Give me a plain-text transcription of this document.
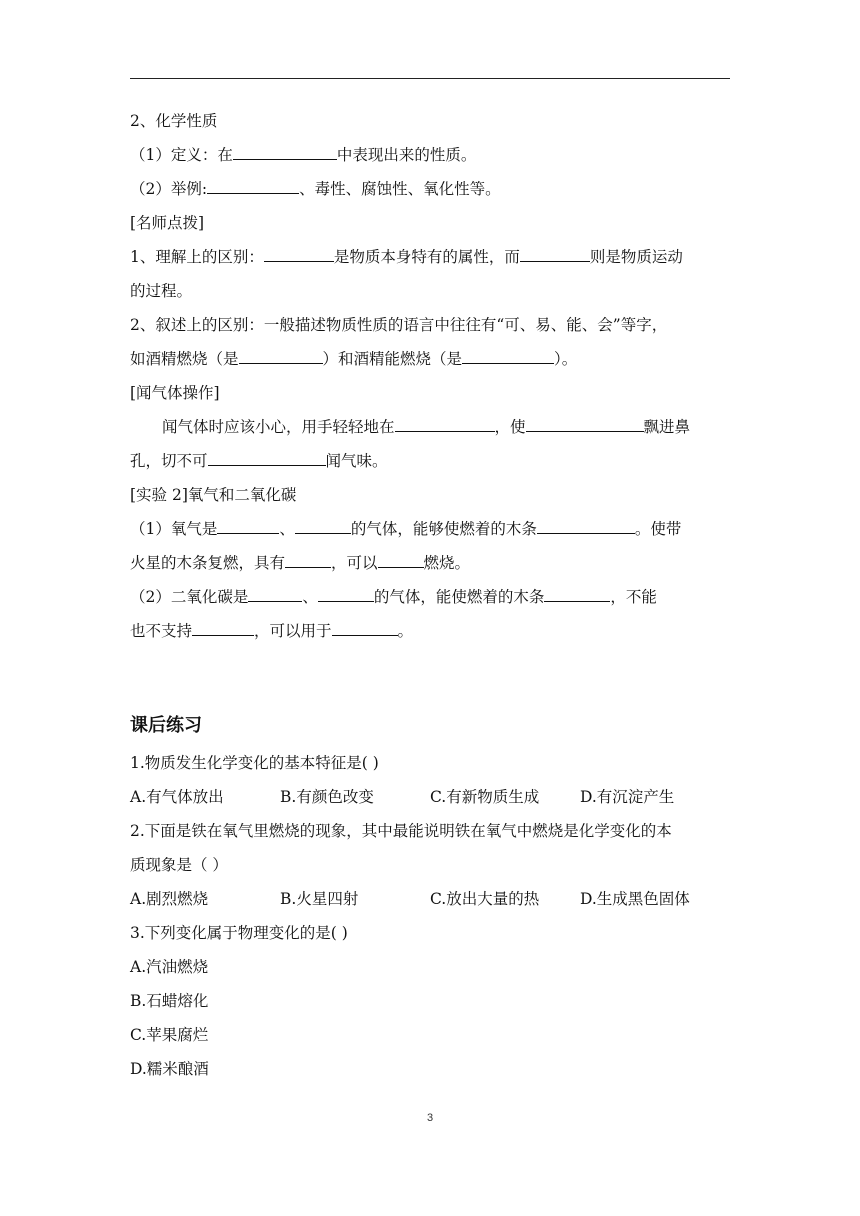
2、化学性质
（1）定义：在	中表现出来的性质。
（2）举例:	、毒性、腐蚀性、氧化性等。
[名师点拨]
1、理解上的区别：	是物质本身特有的属性，而	则是物质运动
的过程。
2、叙述上的区别：一般描述物质性质的语言中往往有“可、易、能、会”等字，
如酒精燃烧（是	）和酒精能燃烧（是	）。
[闻气体操作]
闻气体时应该小心，用手轻轻地在	，使	飘进鼻
孔，切不可	闻气味。
[实验 2]氧气和二氧化碳
（1）氧气是	、	的气体，能够使燃着的木条	。使带
火星的木条复燃，具有	，可以	燃烧。
（2）二氧化碳是	、	的气体，能使燃着的木条	，不能
也不支持	，可以用于	。
课后练习
1.物质发生化学变化的基本特征是( )
A.有气体放出	B.有颜色改变	C.有新物质生成	D.有沉淀产生
2.下面是铁在氧气里燃烧的现象，其中最能说明铁在氧气中燃烧是化学变化的本
质现象是（ ）
A.剧烈燃烧	B.火星四射	C.放出大量的热	D.生成黑色固体
3.下列变化属于物理变化的是( )
A.汽油燃烧
B.石蜡熔化
C.苹果腐烂
D.糯米酿酒
3
